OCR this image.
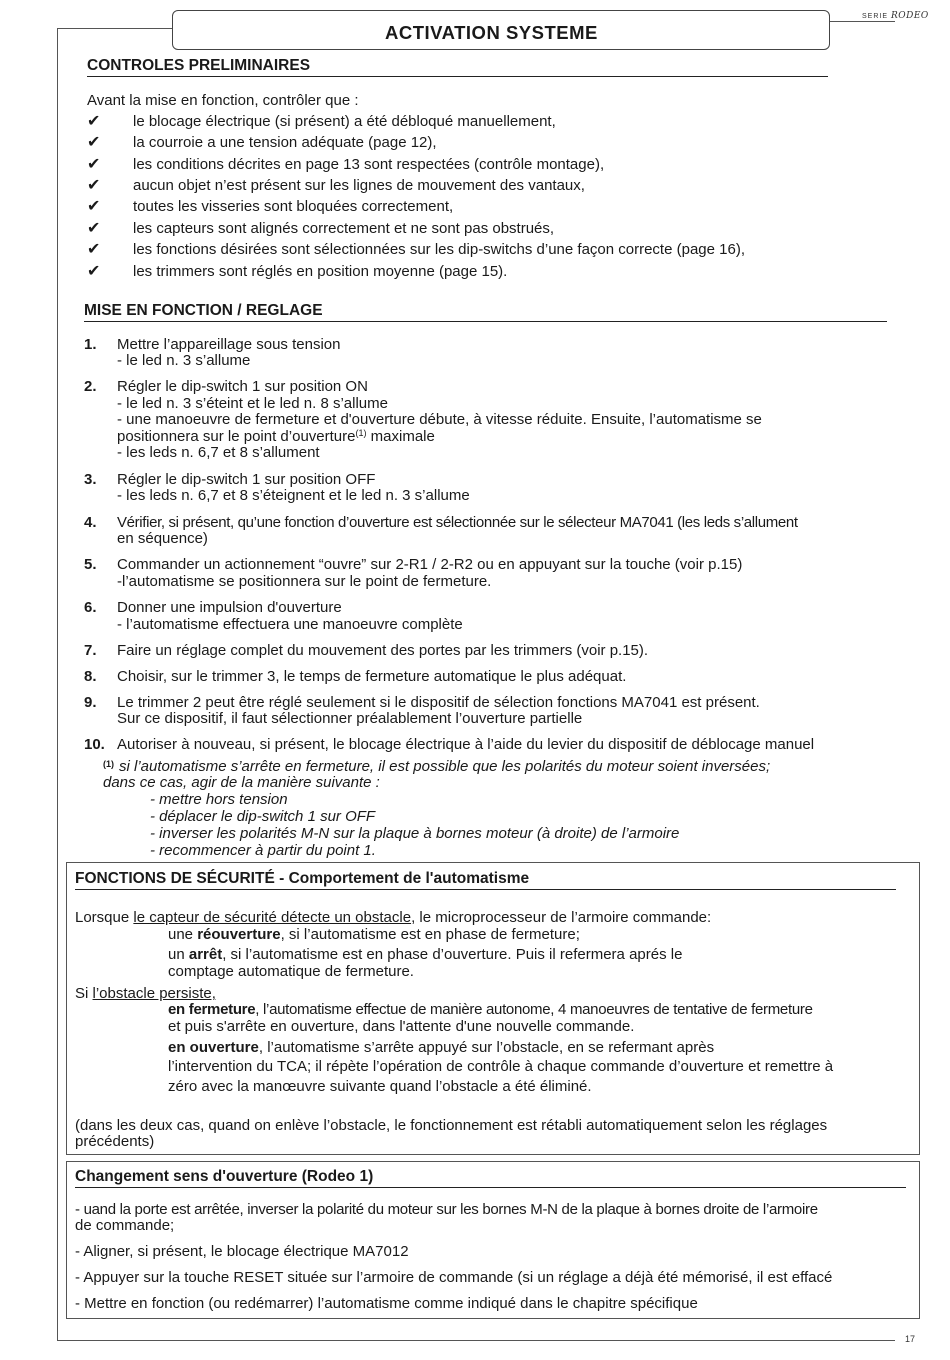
ACTIVATION SYSTEME
SERIE RODEO
17
CONTROLES PRELIMINAIRES
Avant la mise en fonction, contrôler que :
✔ le blocage électrique (si présent) a été débloqué manuellement,
✔ la courroie a une tension adéquate (page 12),
✔ les conditions décrites en page 13 sont respectées (contrôle montage),
✔ aucun objet n’est présent sur les lignes de mouvement des vantaux,
✔ toutes les visseries sont bloquées correctement,
✔ les capteurs sont alignés correctement et ne sont pas obstrués,
✔ les fonctions désirées sont sélectionnées sur les dip-switchs d’une façon correcte (page 16),
✔ les trimmers sont réglés en position moyenne (page 15).
MISE EN FONCTION / REGLAGE
1. Mettre l’appareillage sous tension
- le led n. 3 s’allume
2. Régler le dip-switch 1 sur position ON
- le led n. 3 s’éteint et le led n. 8 s’allume
- une manoeuvre de fermeture et d'ouverture débute, à vitesse réduite. Ensuite, l’automatisme se
positionnera sur le point d’ouverture$^{(1)}$ maximale
- les leds n. 6,7 et 8 s’allument
3. Régler le dip-switch 1 sur position OFF
- les leds n. 6,7 et 8 s’éteignent et le led n. 3 s’allume
4. Vérifier, si présent, qu’une fonction d’ouverture est sélectionnée sur le sélecteur MA7041 (les leds s’allument
en séquence)
5. Commander un actionnement “ouvre” sur 2-R1 / 2-R2 ou en appuyant sur la touche (voir p.15)
-l’automatisme se positionnera sur le point de fermeture.
6. Donner une impulsion d'ouverture
- l’automatisme effectuera une manoeuvre complète
7. Faire un réglage complet du mouvement des portes par les trimmers (voir p.15).
8. Choisir, sur le trimmer 3, le temps de fermeture automatique le plus adéquat.
9. Le trimmer 2 peut être réglé seulement si le dispositif de sélection fonctions MA7041 est présent.
Sur ce dispositif, il faut sélectionner préalablement l’ouverture partielle
10. Autoriser à nouveau, si présent, le blocage électrique à l’aide du levier du dispositif de déblocage manuel
(1) si l’automatisme s’arrête en fermeture, il est possible que les polarités du moteur soient inversées;
dans ce cas, agir de la manière suivante :
- mettre hors tension
- déplacer le dip-switch 1 sur OFF
- inverser les polarités M-N sur la plaque à bornes moteur (à droite) de l’armoire
- recommencer à partir du point 1.
FONCTIONS DE SÉCURITÉ - Comportement de l'automatisme
Lorsque le capteur de sécurité détecte un obstacle, le microprocesseur de l’armoire commande:
une réouverture, si l’automatisme est en phase de fermeture;
un arrêt, si l’automatisme est en phase d’ouverture. Puis il refermera aprés le
comptage automatique de fermeture.
Si l’obstacle persiste,
en fermeture, l’automatisme effectue de manière autonome, 4 manoeuvres de tentative de fermeture
et puis s'arrête en ouverture, dans l'attente d'une nouvelle commande.
en ouverture, l’automatisme s’arrête appuyé sur l’obstacle, en se refermant après
l’intervention du TCA; il répète l’opération de contrôle à chaque commande d’ouverture et remettre à
zéro avec la manœuvre suivante quand l’obstacle a été éliminé.
(dans les deux cas, quand on enlève l’obstacle, le fonctionnement est rétabli automatiquement selon les réglages
précédents)
Changement sens d'ouverture (Rodeo 1)
- uand la porte est arrêtée, inverser la polarité du moteur sur les bornes M-N de la plaque à bornes droite de l’armoire
de commande;
- Aligner, si présent, le blocage électrique MA7012
- Appuyer sur la touche RESET située sur l’armoire de commande (si un réglage a déjà été mémorisé, il est effacé
- Mettre en fonction (ou redémarrer) l’automatisme comme indiqué dans le chapitre spécifique
